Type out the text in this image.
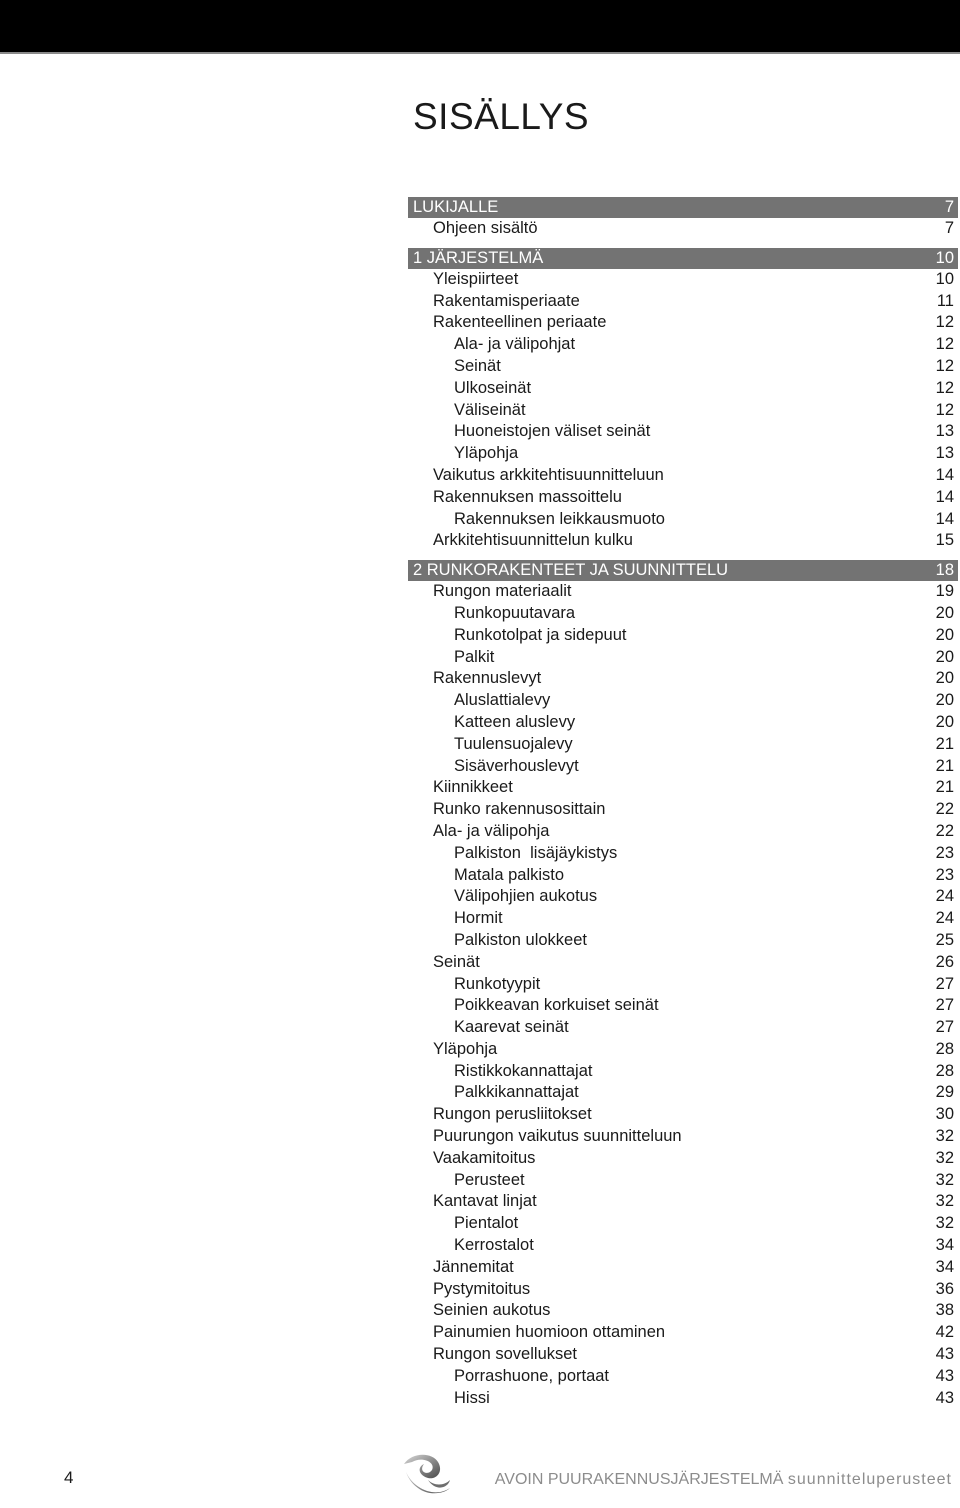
SISÄLLYS
LUKIJALLE	7
Ohjeen sisältö	7
1 JÄRJESTELMÄ	10
Yleispiirteet	10
Rakentamisperiaate	11
Rakenteellinen periaate	12
Ala- ja välipohjat	12
Seinät	12
Ulkoseinät	12
Väliseinät	12
Huoneistojen väliset seinät	13
Yläpohja	13
Vaikutus arkkitehtisuunnitteluun	14
Rakennuksen massoittelu	14
Rakennuksen leikkausmuoto	14
Arkkitehtisuunnittelun kulku	15
2 RUNKORAKENTEET JA SUUNNITTELU	18
Rungon materiaalit	19
Runkopuutavara	20
Runkotolpat ja sidepuut	20
Palkit	20
Rakennuslevyt	20
Aluslattialevy	20
Katteen aluslevy	20
Tuulensuojalevy	21
Sisäverhouslevyt	21
Kiinnikkeet	21
Runko rakennusosittain	22
Ala- ja välipohja	22
Palkiston  lisäjäykistys	23
Matala palkisto	23
Välipohjien aukotus	24
Hormit	24
Palkiston ulokkeet	25
Seinät	26
Runkotyypit	27
Poikkeavan korkuiset seinät	27
Kaarevat seinät	27
Yläpohja	28
Ristikkokannattajat	28
Palkkikannattajat	29
Rungon perusliitokset	30
Puurungon vaikutus suunnitteluun	32
Vaakamitoitus	32
Perusteet	32
Kantavat linjat	32
Pientalot	32
Kerrostalot	34
Jännemitat	34
Pystymitoitus	36
Seinien aukotus	38
Painumien huomioon ottaminen	42
Rungon sovellukset	43
Porrashuone, portaat	43
Hissi	43
4	AVOIN PUURAKENNUSJÄRJESTELMÄ suunnitteluperusteet
